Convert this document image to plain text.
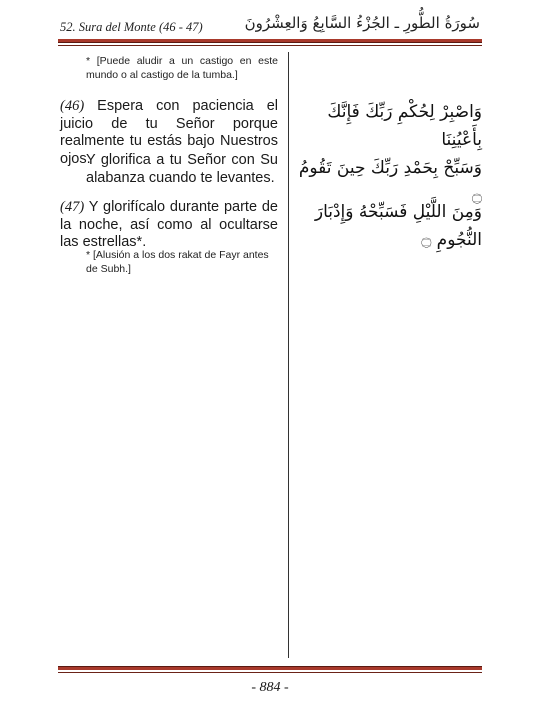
52. Sura del Monte (46 - 47)	سُورَةُ الطُّورِ ـ الجُزْءُ السَّابِعُ وَالعِشْرُونَ
* [Puede aludir a un castigo en este mundo o al castigo de la tumba.]
(46) Espera con paciencia el juicio de tu Señor porque realmente tu estás bajo Nuestros ojos.
Y glorifica a tu Señor con Su alabanza cuando te levantes.
(47) Y glorifícalo durante parte de la noche, así como al ocultarse las estrellas*.
* [Alusión a los dos rakat de Fayr antes de Subh.]
وَاصْبِرْ لِحُكْمِ رَبِّكَ فَإِنَّكَ بِأَعْيُنِنَا
وَسَبِّحْ بِحَمْدِ رَبِّكَ حِينَ تَقُومُ ۝
وَمِنَ اللَّيْلِ فَسَبِّحْهُ وَإِدْبَارَ النُّجُومِ ۝
- 884 -
